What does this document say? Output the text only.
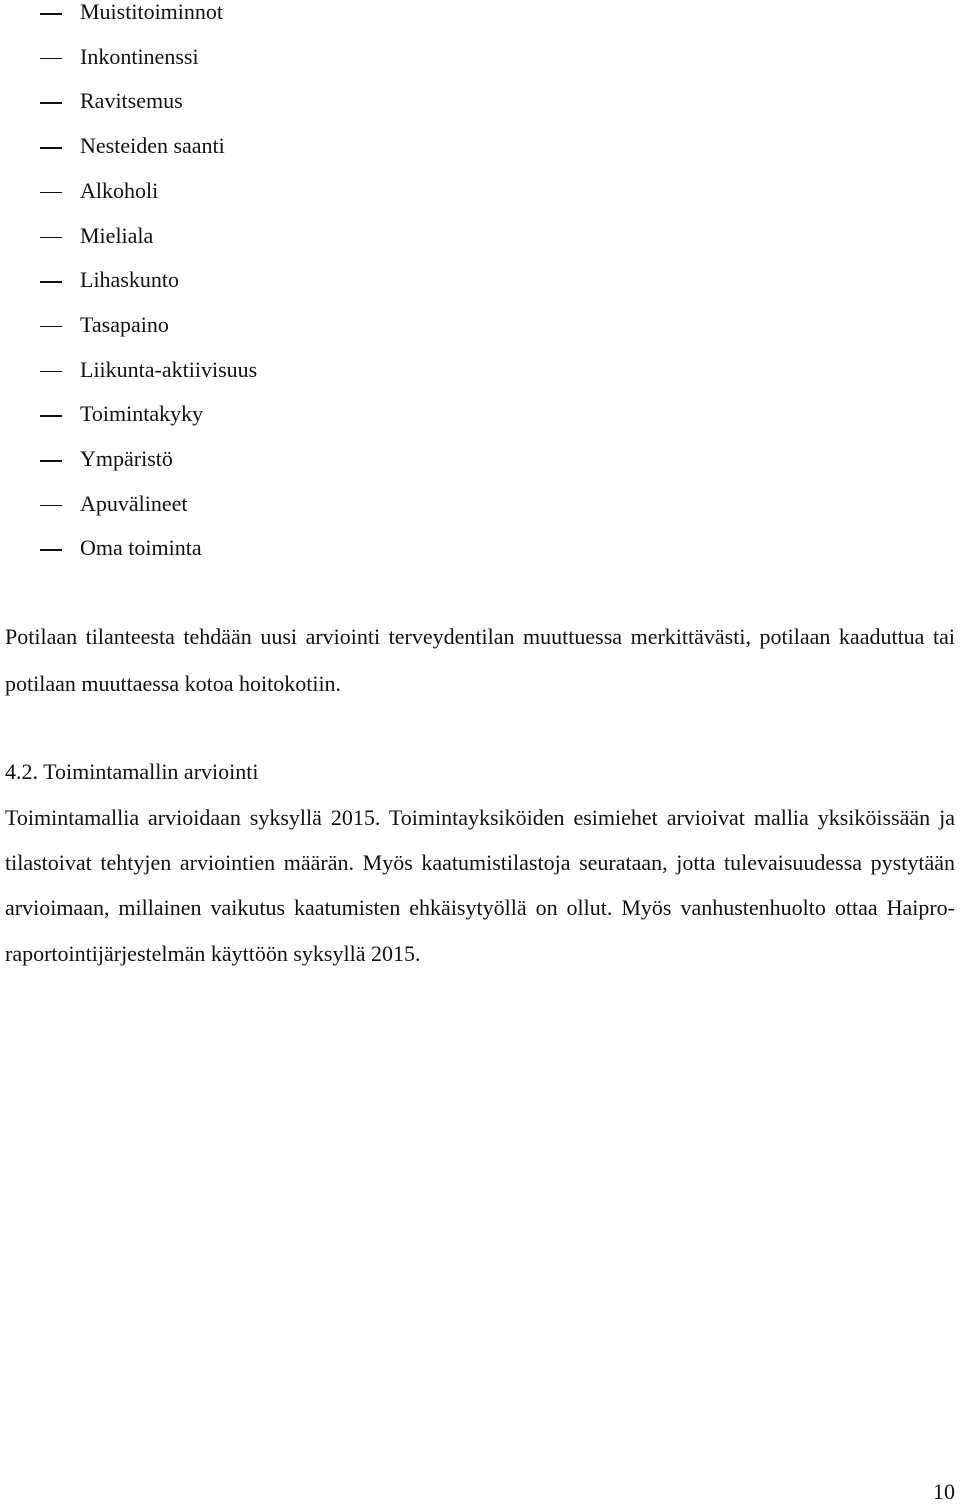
Muistitoiminnot
Inkontinenssi
Ravitsemus
Nesteiden saanti
Alkoholi
Mieliala
Lihaskunto
Tasapaino
Liikunta-aktiivisuus
Toimintakyky
Ympäristö
Apuvälineet
Oma toiminta

Potilaan tilanteesta tehdään uusi arviointi terveydentilan muuttuessa merkittävästi, potilaan kaaduttua tai potilaan muuttaessa kotoa hoitokotiin.

4.2. Toimintamallin arviointi

Toimintamallia arvioidaan syksyllä 2015. Toimintayksiköiden esimiehet arvioivat mallia yksiköissään ja tilastoivat tehtyjen arviointien määrän. Myös kaatumistilastoja seurataan, jotta tulevaisuudessa pystytään arvioimaan, millainen vaikutus kaatumisten ehkäisytyöllä on ollut. Myös vanhustenhuolto ottaa Haipro-raportointijärjestelmän käyttöön syksyllä 2015.

10
